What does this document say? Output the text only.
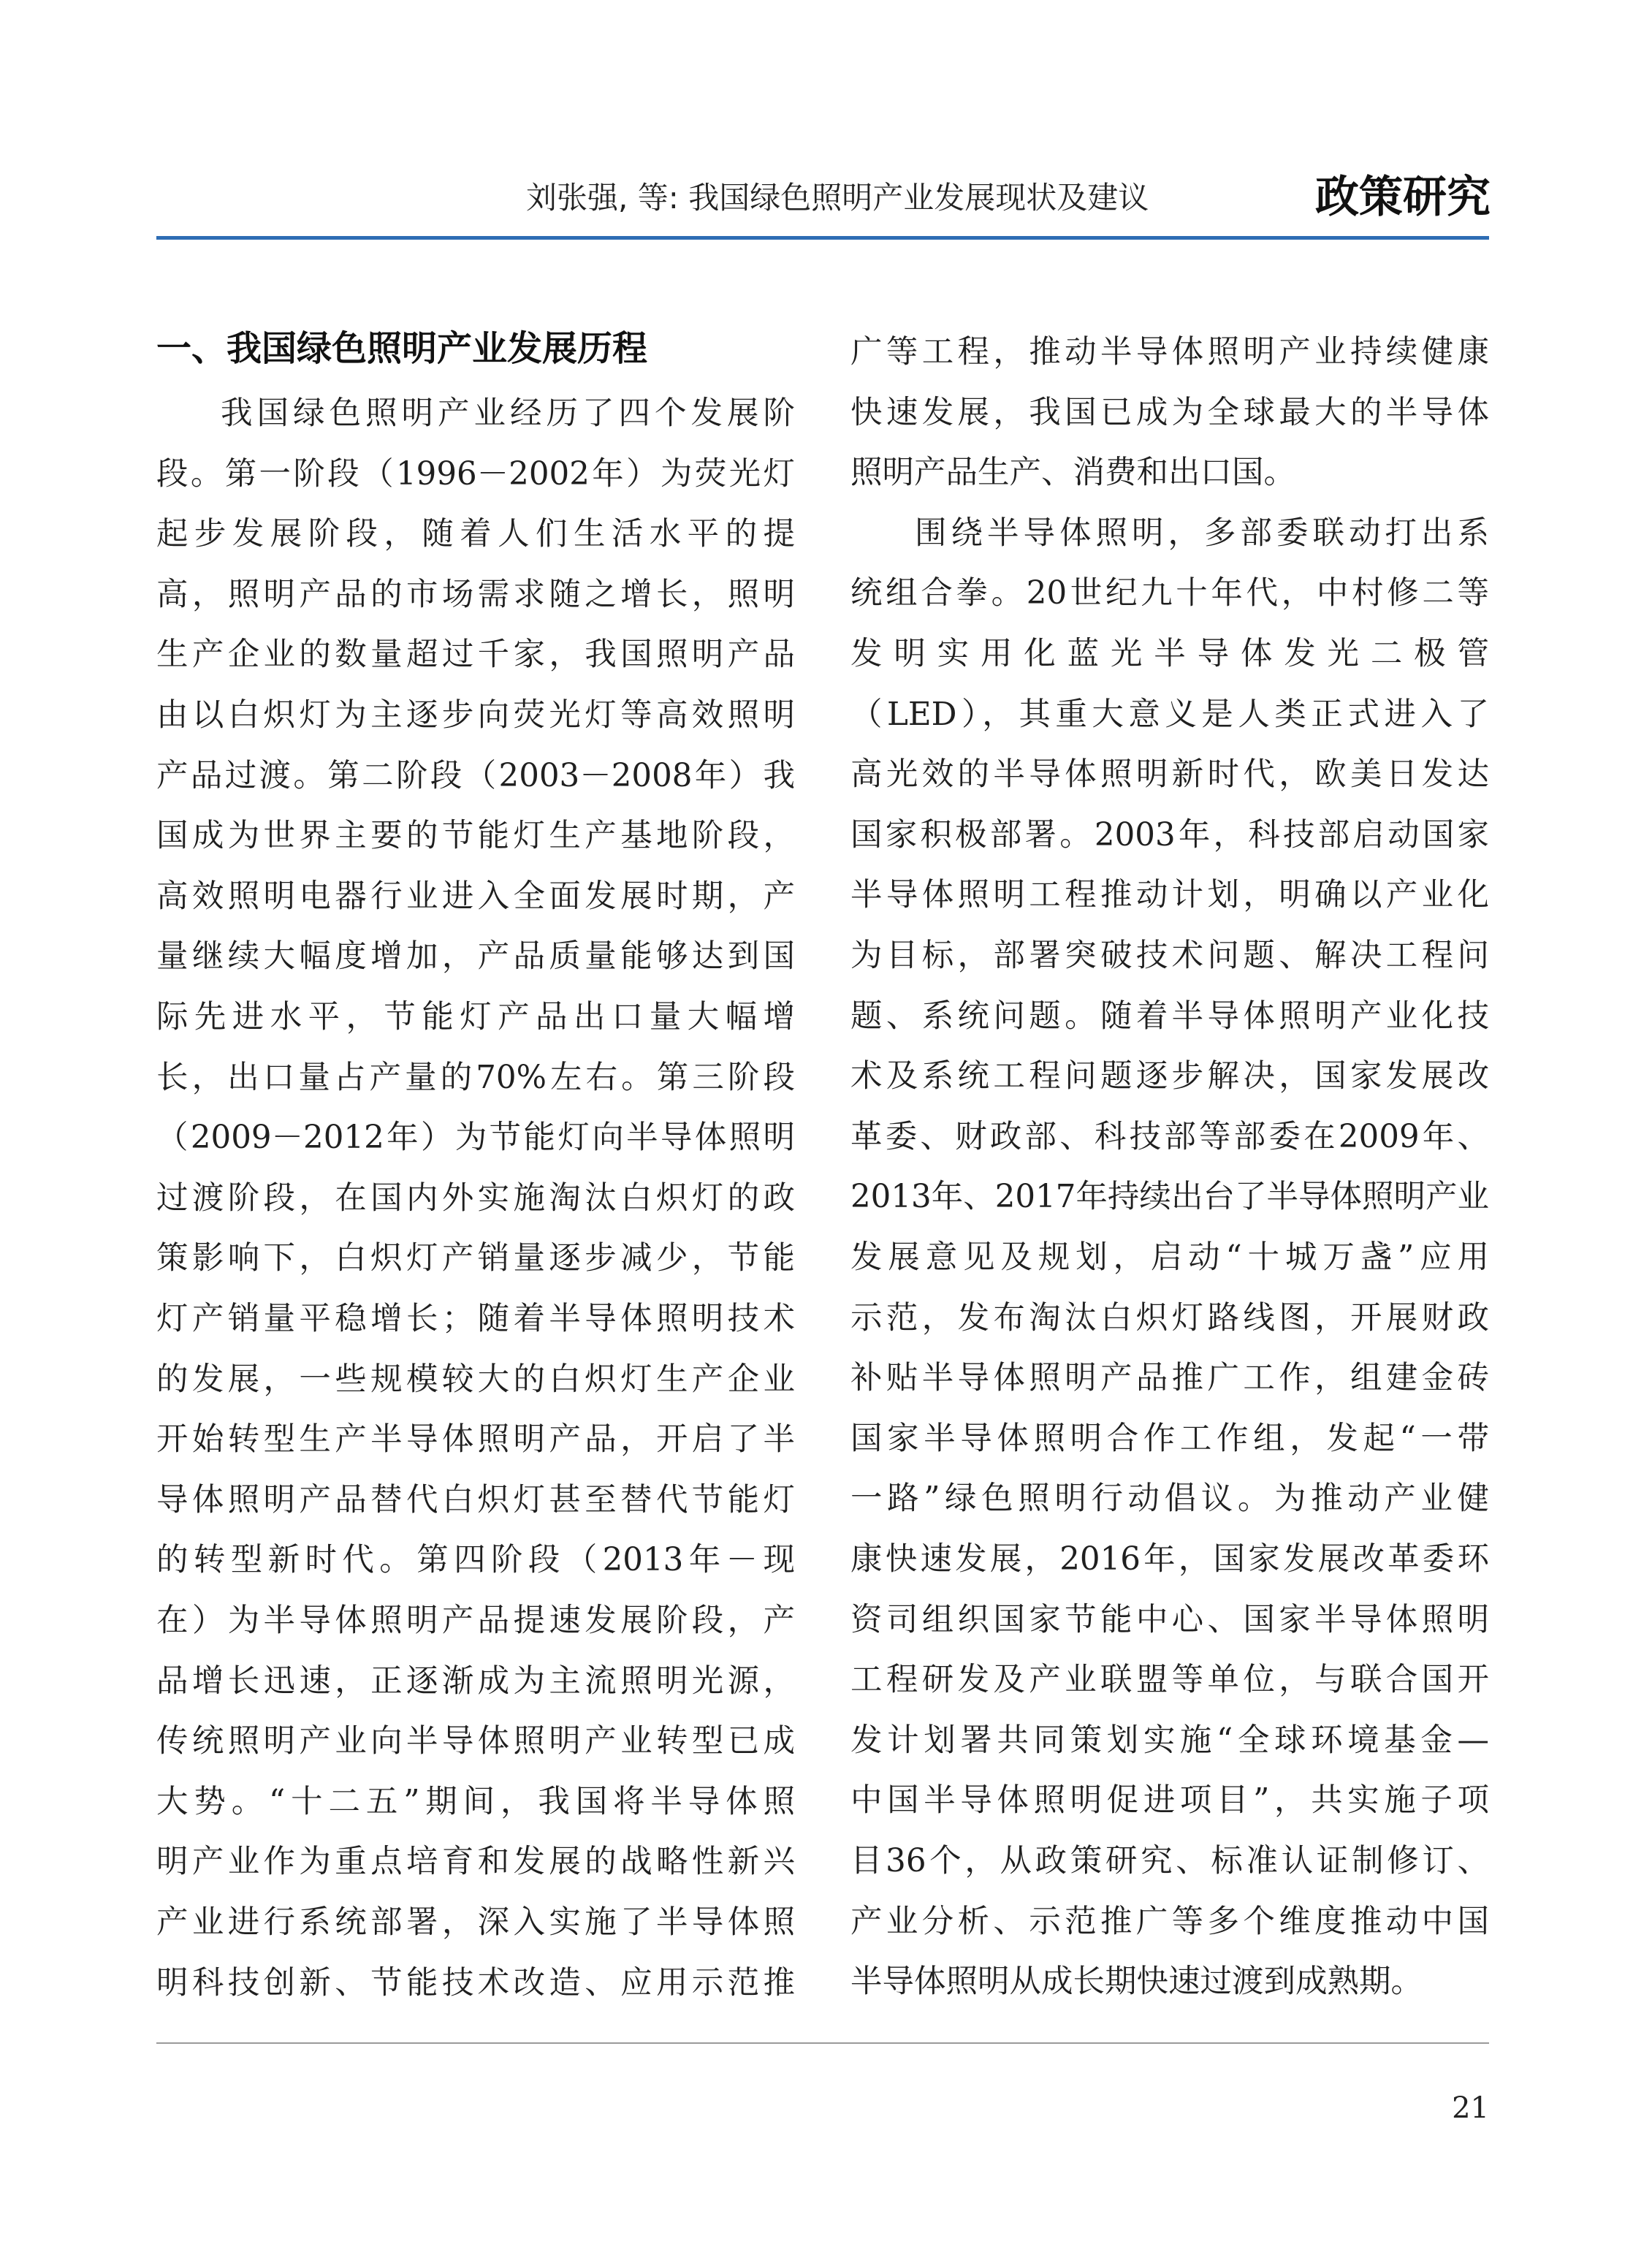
刘张强, 等: 我国绿色照明产业发展现状及建议	政策研究
一、我国绿色照明产业发展历程
我国绿色照明产业经历了四个发展阶
段。第一阶段（1996－2002年）为荧光灯
起步发展阶段，随着人们生活水平的提
高，照明产品的市场需求随之增长，照明
生产企业的数量超过千家，我国照明产品
由以白炽灯为主逐步向荧光灯等高效照明
产品过渡。第二阶段（2003－2008年）我
国成为世界主要的节能灯生产基地阶段，
高效照明电器行业进入全面发展时期，产
量继续大幅度增加，产品质量能够达到国
际先进水平，节能灯产品出口量大幅增
长，出口量占产量的70%左右。第三阶段
（2009－2012年）为节能灯向半导体照明
过渡阶段，在国内外实施淘汰白炽灯的政
策影响下，白炽灯产销量逐步减少，节能
灯产销量平稳增长；随着半导体照明技术
的发展，一些规模较大的白炽灯生产企业
开始转型生产半导体照明产品，开启了半
导体照明产品替代白炽灯甚至替代节能灯
的转型新时代。第四阶段（2013年－现
在）为半导体照明产品提速发展阶段，产
品增长迅速，正逐渐成为主流照明光源，
传统照明产业向半导体照明产业转型已成
大势。“十二五”期间，我国将半导体照
明产业作为重点培育和发展的战略性新兴
产业进行系统部署，深入实施了半导体照
明科技创新、节能技术改造、应用示范推
广等工程，推动半导体照明产业持续健康
快速发展，我国已成为全球最大的半导体
照明产品生产、消费和出口国。
围绕半导体照明，多部委联动打出系
统组合拳。20世纪九十年代，中村修二等
发明实用化蓝光半导体发光二极管
（LED），其重大意义是人类正式进入了
高光效的半导体照明新时代，欧美日发达
国家积极部署。2003年，科技部启动国家
半导体照明工程推动计划，明确以产业化
为目标，部署突破技术问题、解决工程问
题、系统问题。随着半导体照明产业化技
术及系统工程问题逐步解决，国家发展改
革委、财政部、科技部等部委在2009年、
2013年、2017年持续出台了半导体照明产业
发展意见及规划，启动“十城万盏”应用
示范，发布淘汰白炽灯路线图，开展财政
补贴半导体照明产品推广工作，组建金砖
国家半导体照明合作工作组，发起“一带
一路”绿色照明行动倡议。为推动产业健
康快速发展，2016年，国家发展改革委环
资司组织国家节能中心、国家半导体照明
工程研发及产业联盟等单位，与联合国开
发计划署共同策划实施“全球环境基金—
中国半导体照明促进项目”，共实施子项
目36个，从政策研究、标准认证制修订、
产业分析、示范推广等多个维度推动中国
半导体照明从成长期快速过渡到成熟期。
21
